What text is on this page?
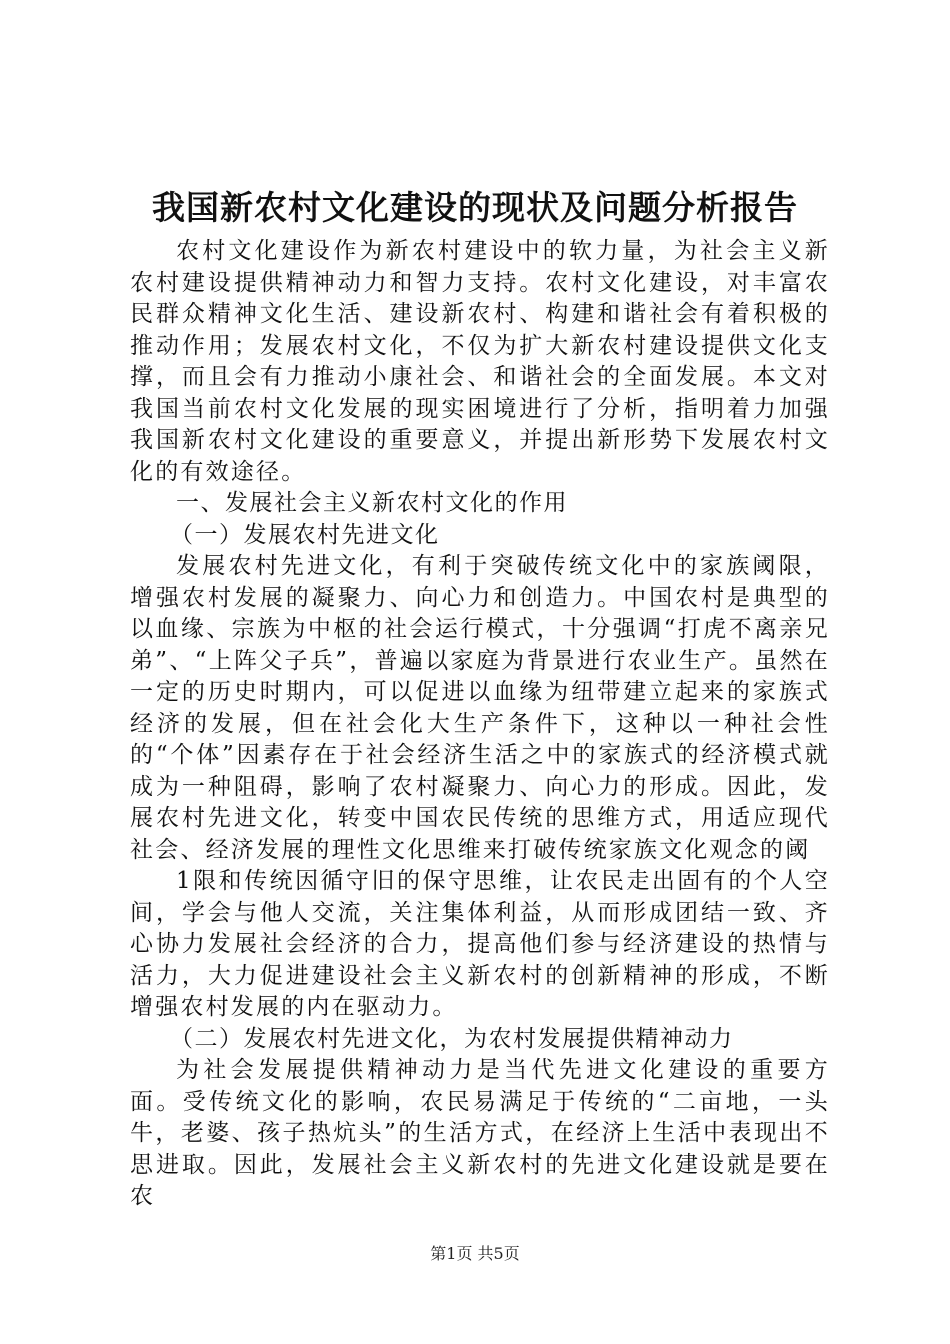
我国新农村文化建设的现状及问题分析报告

农村文化建设作为新农村建设中的软力量，为社会主义新农村建设提供精神动力和智力支持。农村文化建设，对丰富农民群众精神文化生活、建设新农村、构建和谐社会有着积极的推动作用；发展农村文化，不仅为扩大新农村建设提供文化支撑，而且会有力推动小康社会、和谐社会的全面发展。本文对我国当前农村文化发展的现实困境进行了分析，指明着力加强我国新农村文化建设的重要意义，并提出新形势下发展农村文化的有效途径。

一、发展社会主义新农村文化的作用

（一）发展农村先进文化

发展农村先进文化，有利于突破传统文化中的家族阈限，增强农村发展的凝聚力、向心力和创造力。中国农村是典型的以血缘、宗族为中枢的社会运行模式，十分强调“打虎不离亲兄弟”、“上阵父子兵”，普遍以家庭为背景进行农业生产。虽然在一定的历史时期内，可以促进以血缘为纽带建立起来的家族式经济的发展，但在社会化大生产条件下，这种以一种社会性的“个体”因素存在于社会经济生活之中的家族式的经济模式就成为一种阻碍，影响了农村凝聚力、向心力的形成。因此，发展农村先进文化，转变中国农民传统的思维方式，用适应现代社会、经济发展的理性文化思维来打破传统家族文化观念的阈

1限和传统因循守旧的保守思维，让农民走出固有的个人空间，学会与他人交流，关注集体利益，从而形成团结一致、齐心协力发展社会经济的合力，提高他们参与经济建设的热情与活力，大力促进建设社会主义新农村的创新精神的形成，不断增强农村发展的内在驱动力。

（二）发展农村先进文化，为农村发展提供精神动力

为社会发展提供精神动力是当代先进文化建设的重要方面。受传统文化的影响，农民易满足于传统的“二亩地，一头牛，老婆、孩子热炕头”的生活方式，在经济上生活中表现出不思进取。因此，发展社会主义新农村的先进文化建设就是要在农

第1页 共5页
